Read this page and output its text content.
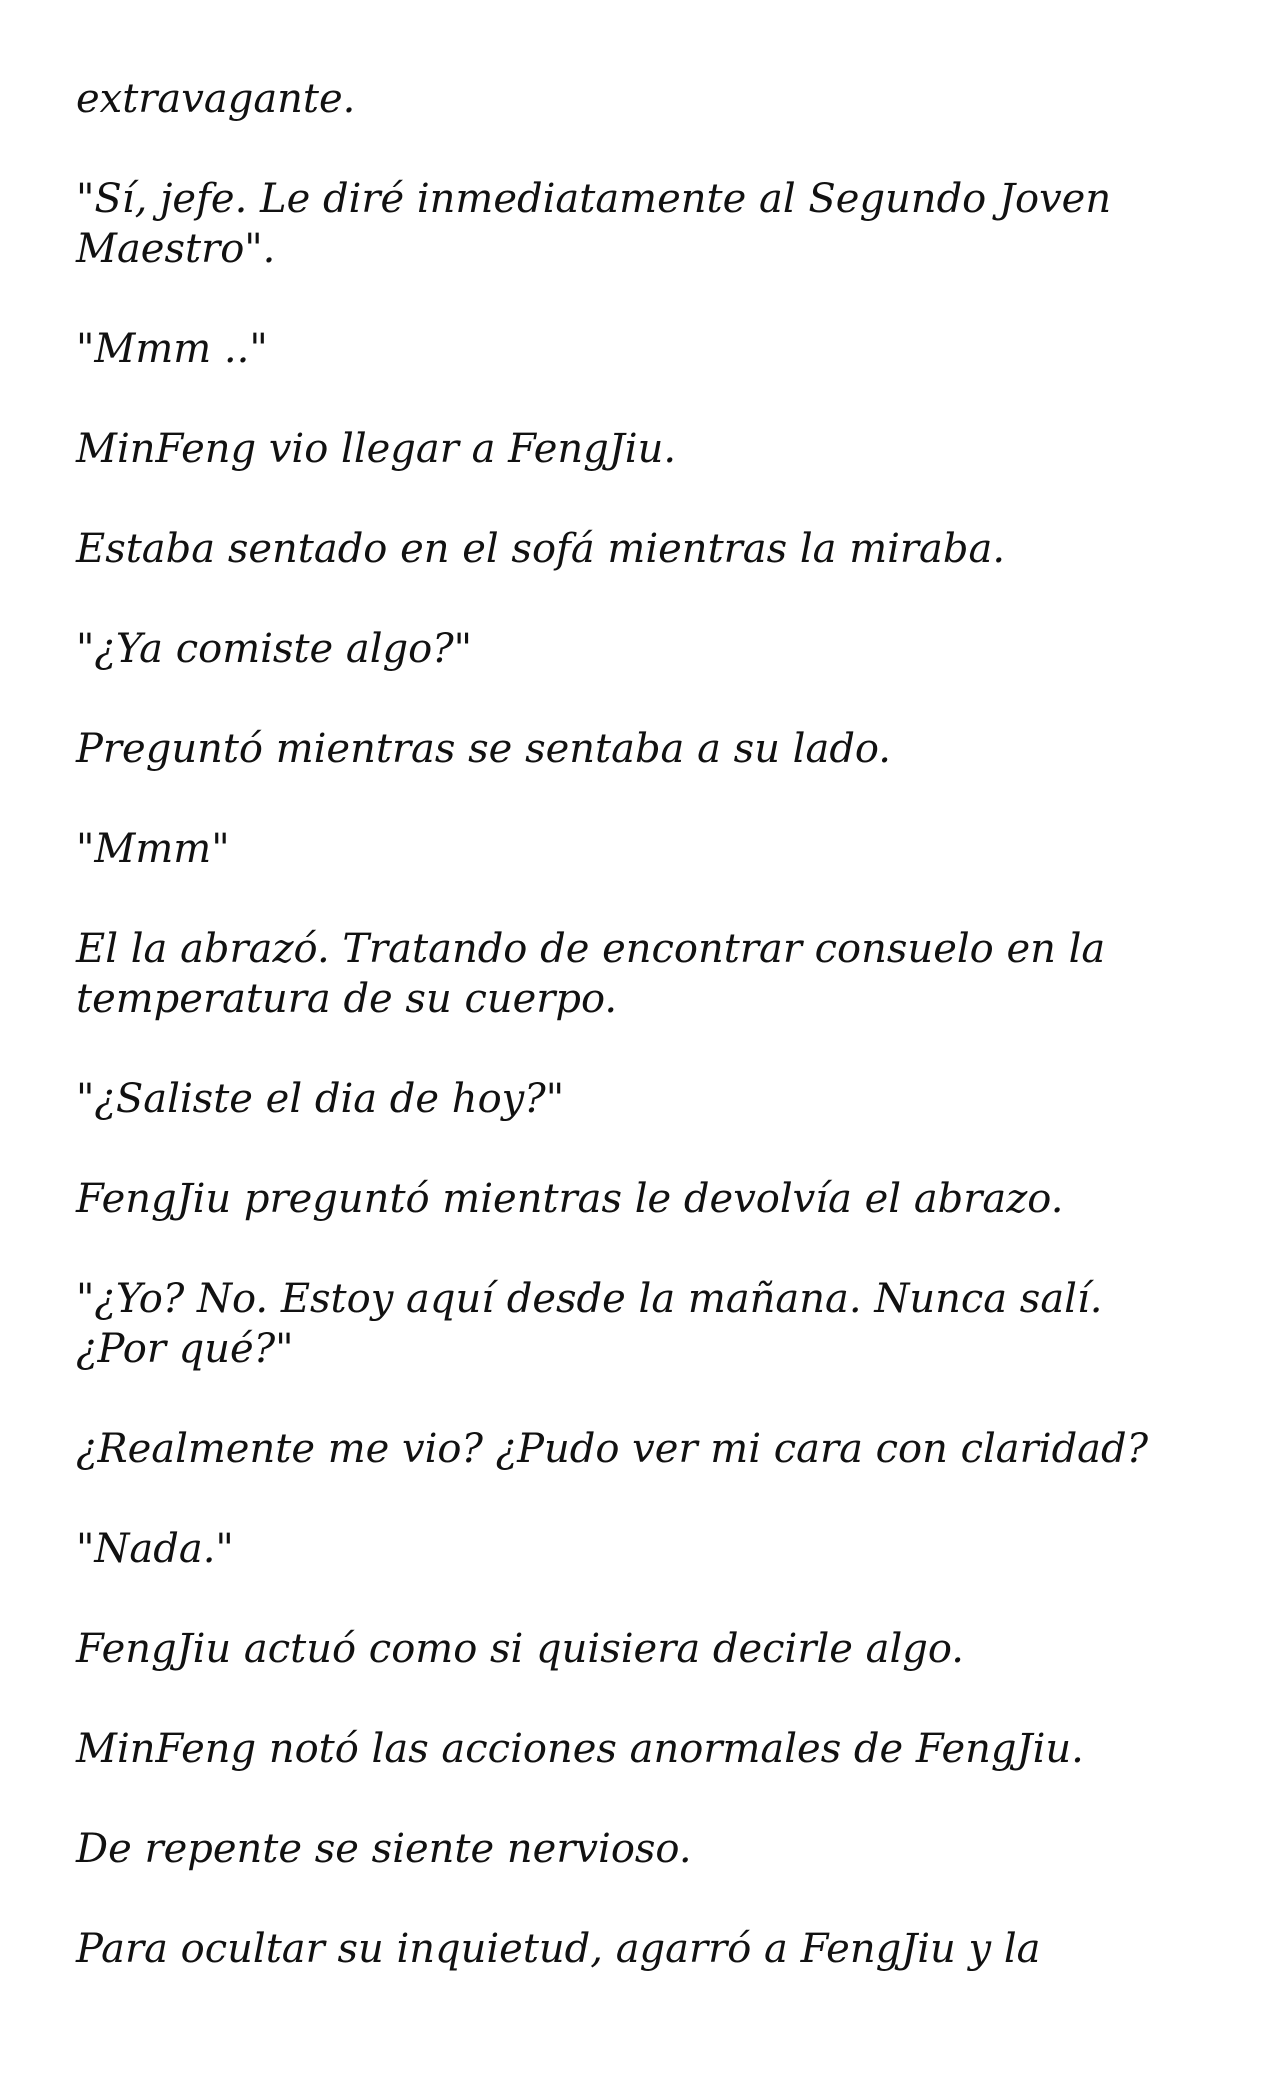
extravagante.

"Sí, jefe. Le diré inmediatamente al Segundo Joven
Maestro".

"Mmm .."

MinFeng vio llegar a FengJiu.

Estaba sentado en el sofá mientras la miraba.

"¿Ya comiste algo?"

Preguntó mientras se sentaba a su lado.

"Mmm"

El la abrazó. Tratando de encontrar consuelo en la
temperatura de su cuerpo.

"¿Saliste el dia de hoy?"

FengJiu preguntó mientras le devolvía el abrazo.

"¿Yo? No. Estoy aquí desde la mañana. Nunca salí.
¿Por qué?"

¿Realmente me vio? ¿Pudo ver mi cara con claridad?

"Nada."

FengJiu actuó como si quisiera decirle algo.

MinFeng notó las acciones anormales de FengJiu.

De repente se siente nervioso.

Para ocultar su inquietud, agarró a FengJiu y la
